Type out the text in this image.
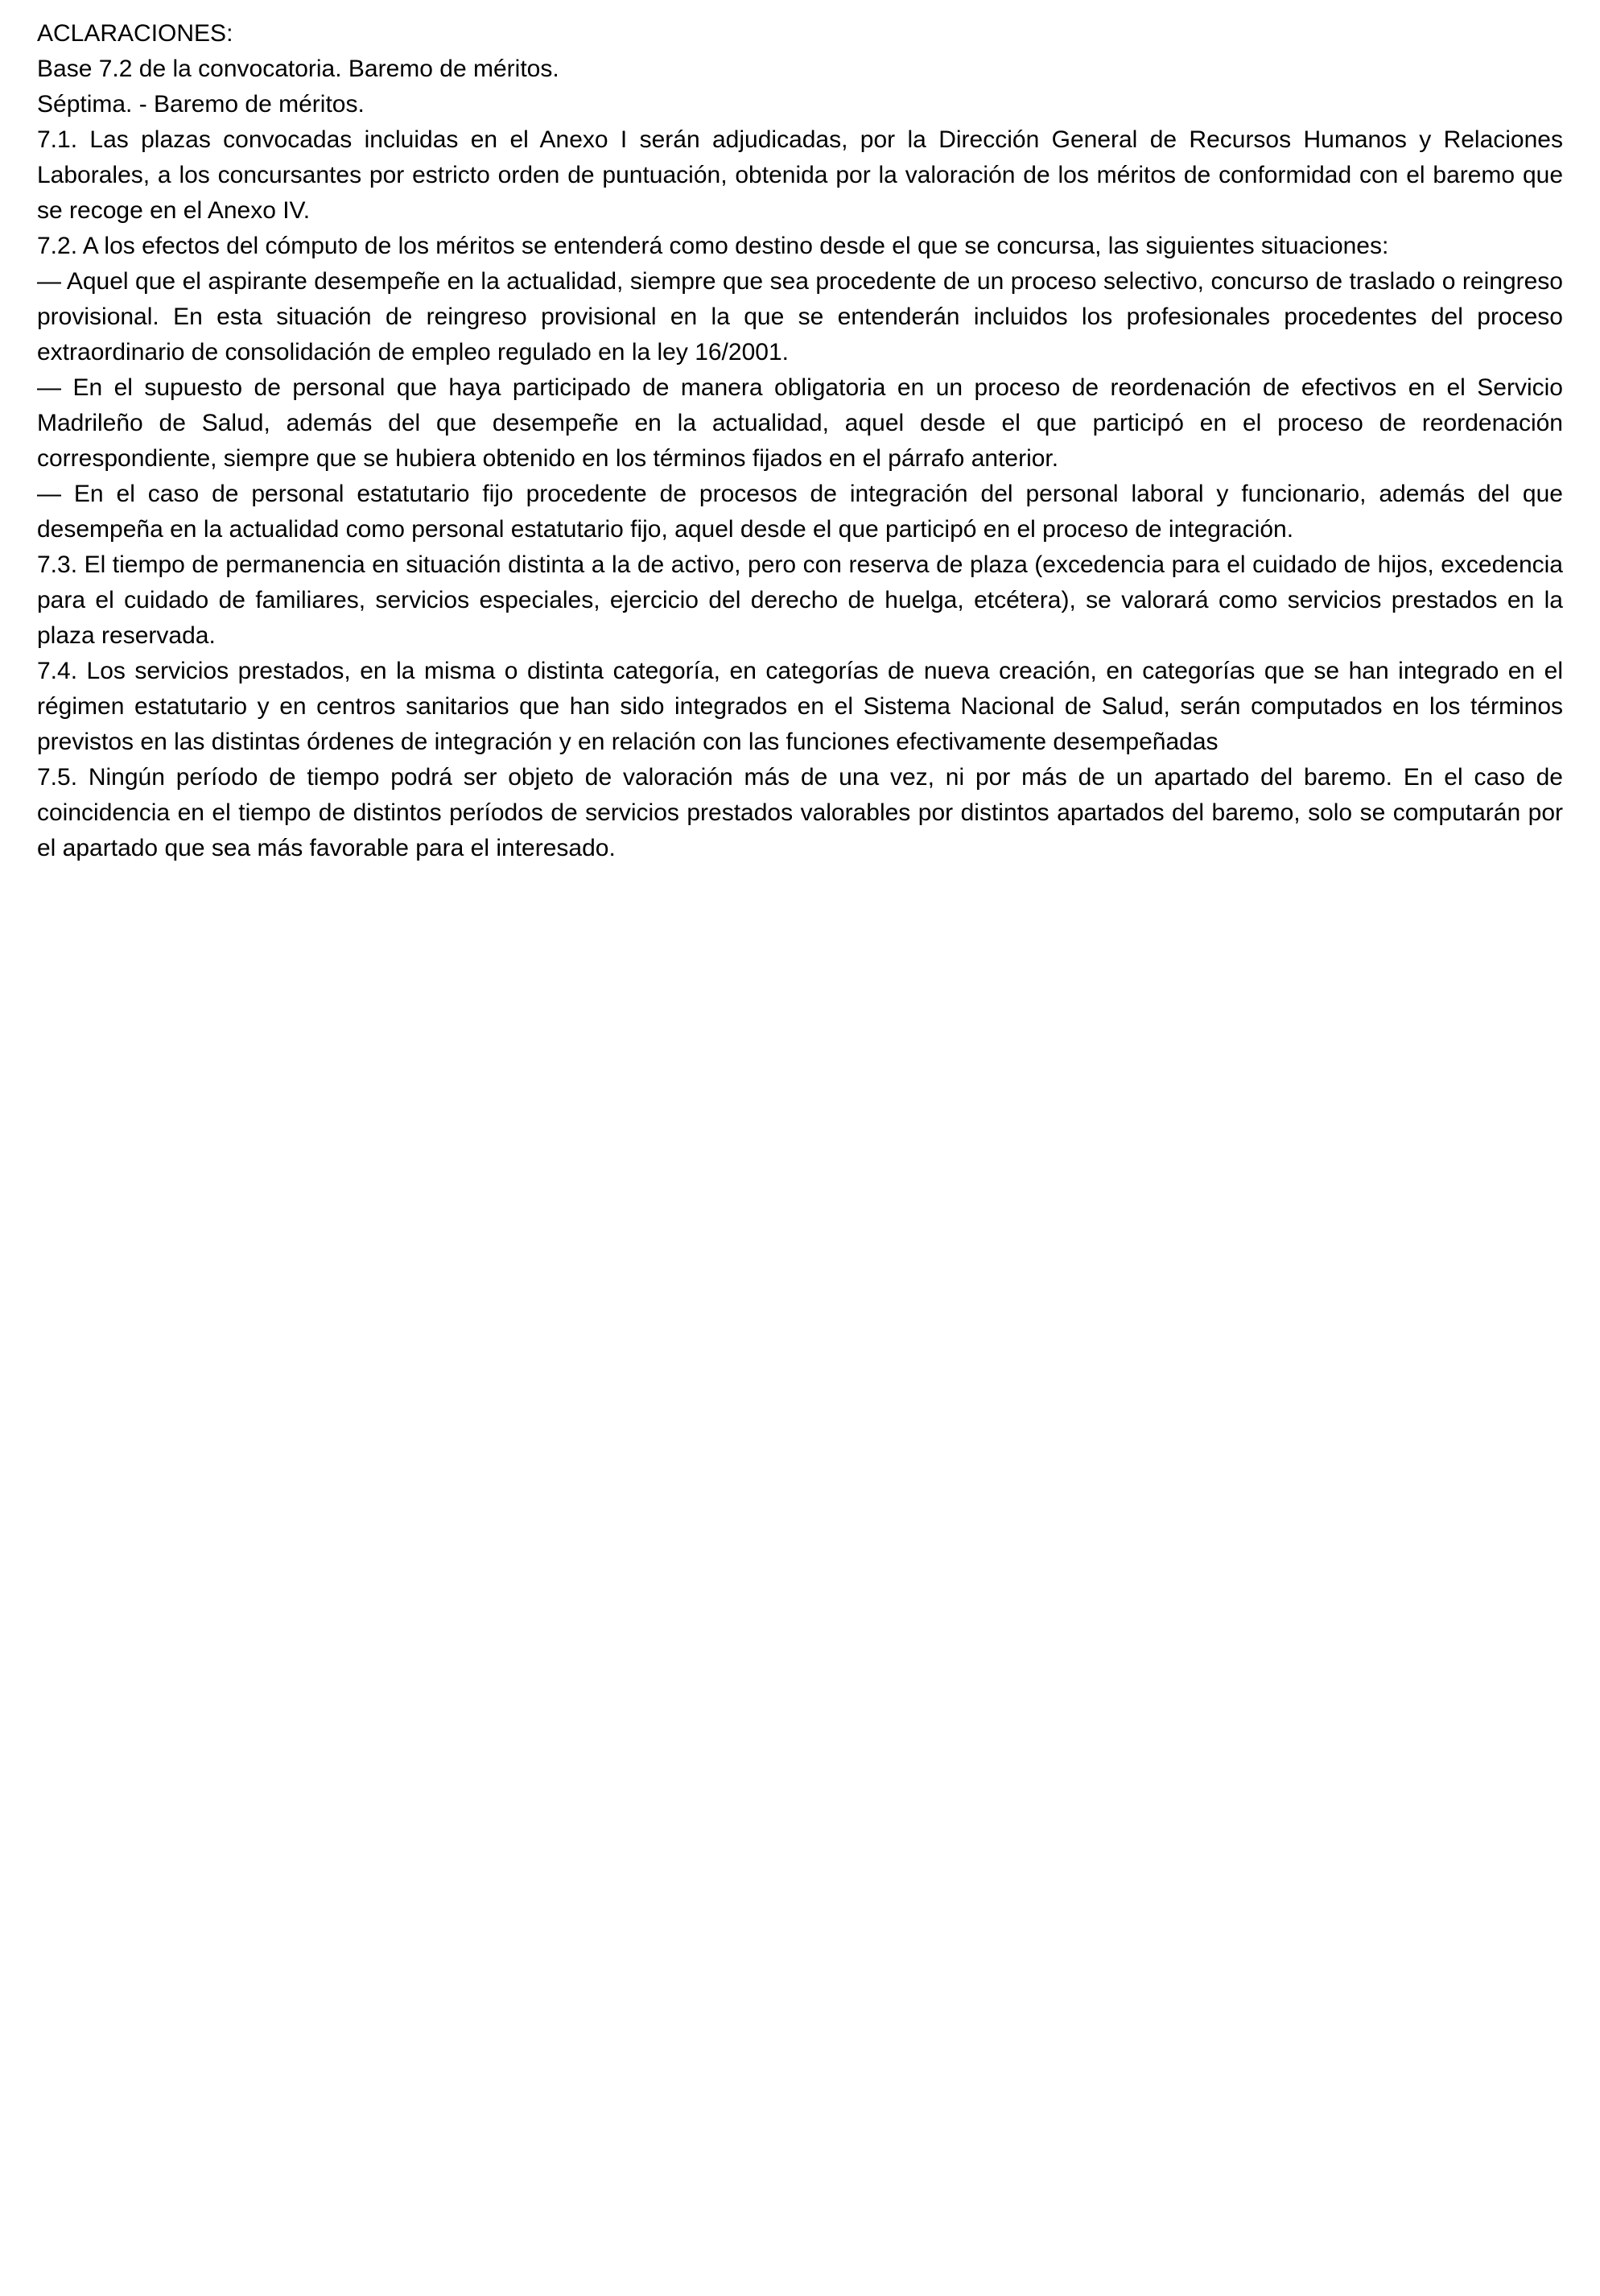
ACLARACIONES:

Base 7.2 de la convocatoria. Baremo de méritos.

Séptima. - Baremo de méritos.

7.1. Las plazas convocadas incluidas en el Anexo I serán adjudicadas, por la Dirección General de Recursos Humanos y Relaciones Laborales, a los concursantes por estricto orden de puntuación, obtenida por la valoración de los méritos de conformidad con el baremo que se recoge en el Anexo IV.

7.2. A los efectos del cómputo de los méritos se entenderá como destino desde el que se concursa, las siguientes situaciones:

— Aquel que el aspirante desempeñe en la actualidad, siempre que sea procedente de un proceso selectivo, concurso de traslado o reingreso provisional. En esta situación de reingreso provisional en la que se entenderán incluidos los profesionales procedentes del proceso extraordinario de consolidación de empleo regulado en la ley 16/2001.

— En el supuesto de personal que haya participado de manera obligatoria en un proceso de reordenación de efectivos en el Servicio Madrileño de Salud, además del que desempeñe en la actualidad, aquel desde el que participó en el proceso de reordenación correspondiente, siempre que se hubiera obtenido en los términos fijados en el párrafo anterior.

— En el caso de personal estatutario fijo procedente de procesos de integración del personal laboral y funcionario, además del que desempeña en la actualidad como personal estatutario fijo, aquel desde el que participó en el proceso de integración.

7.3. El tiempo de permanencia en situación distinta a la de activo, pero con reserva de plaza (excedencia para el cuidado de hijos, excedencia para el cuidado de familiares, servicios especiales, ejercicio del derecho de huelga, etcétera), se valorará como servicios prestados en la plaza reservada.

7.4. Los servicios prestados, en la misma o distinta categoría, en categorías de nueva creación, en categorías que se han integrado en el régimen estatutario y en centros sanitarios que han sido integrados en el Sistema Nacional de Salud, serán computados en los términos previstos en las distintas órdenes de integración y en relación con las funciones efectivamente desempeñadas

7.5. Ningún período de tiempo podrá ser objeto de valoración más de una vez, ni por más de un apartado del baremo. En el caso de coincidencia en el tiempo de distintos períodos de servicios prestados valorables por distintos apartados del baremo, solo se computarán por el apartado que sea más favorable para el interesado.
